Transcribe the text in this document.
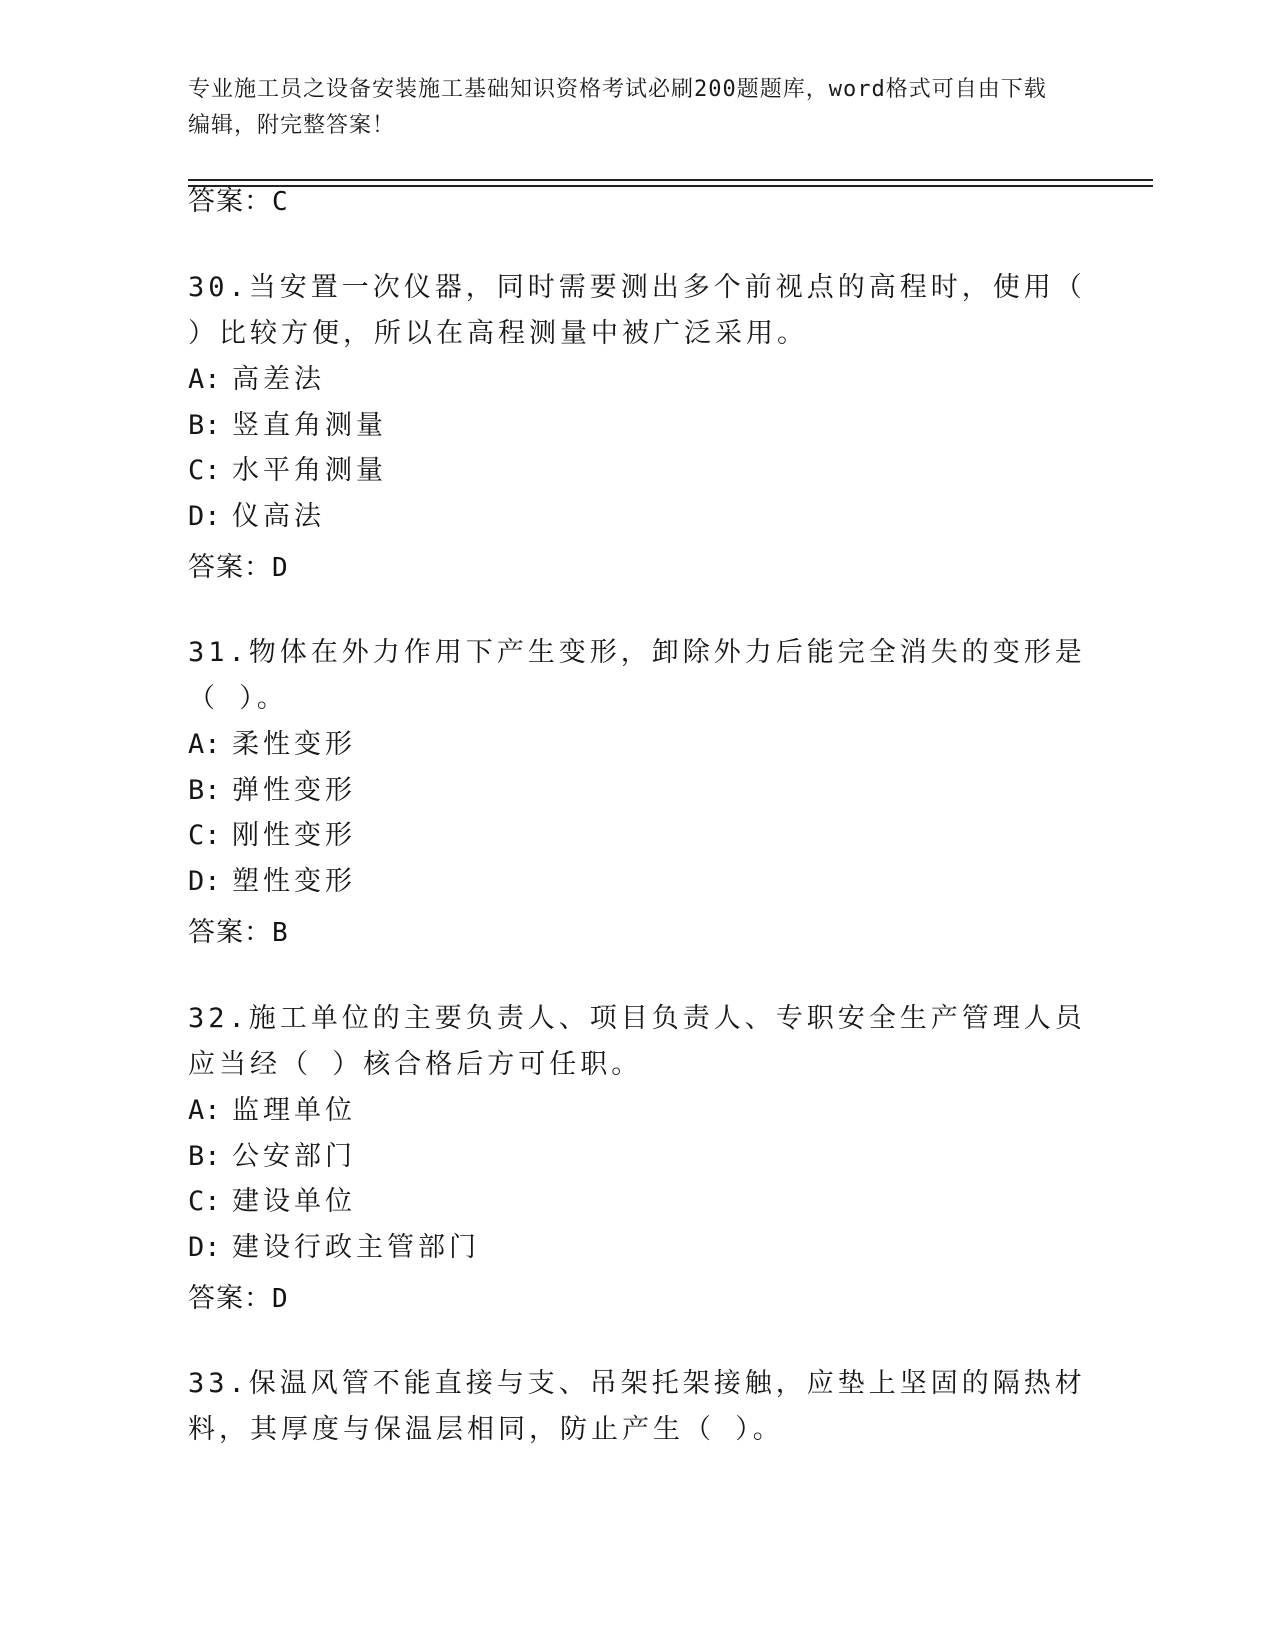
专业施工员之设备安装施工基础知识资格考试必刷200题题库，word格式可自由下载编辑，附完整答案！
答案：C

30.当安置一次仪器，同时需要测出多个前视点的高程时，使用（ ）比较方便，所以在高程测量中被广泛采用。

A: 高差法

B: 竖直角测量

C: 水平角测量

D: 仪高法

答案：D

31.物体在外力作用下产生变形，卸除外力后能完全消失的变形是（ ）。

A: 柔性变形

B: 弹性变形

C: 刚性变形

D: 塑性变形

答案：B

32.施工单位的主要负责人、项目负责人、专职安全生产管理人员应当经（ ）核合格后方可任职。

A: 监理单位

B: 公安部门

C: 建设单位

D: 建设行政主管部门

答案：D

33.保温风管不能直接与支、吊架托架接触，应垫上坚固的隔热材料，其厚度与保温层相同，防止产生（ ）。
